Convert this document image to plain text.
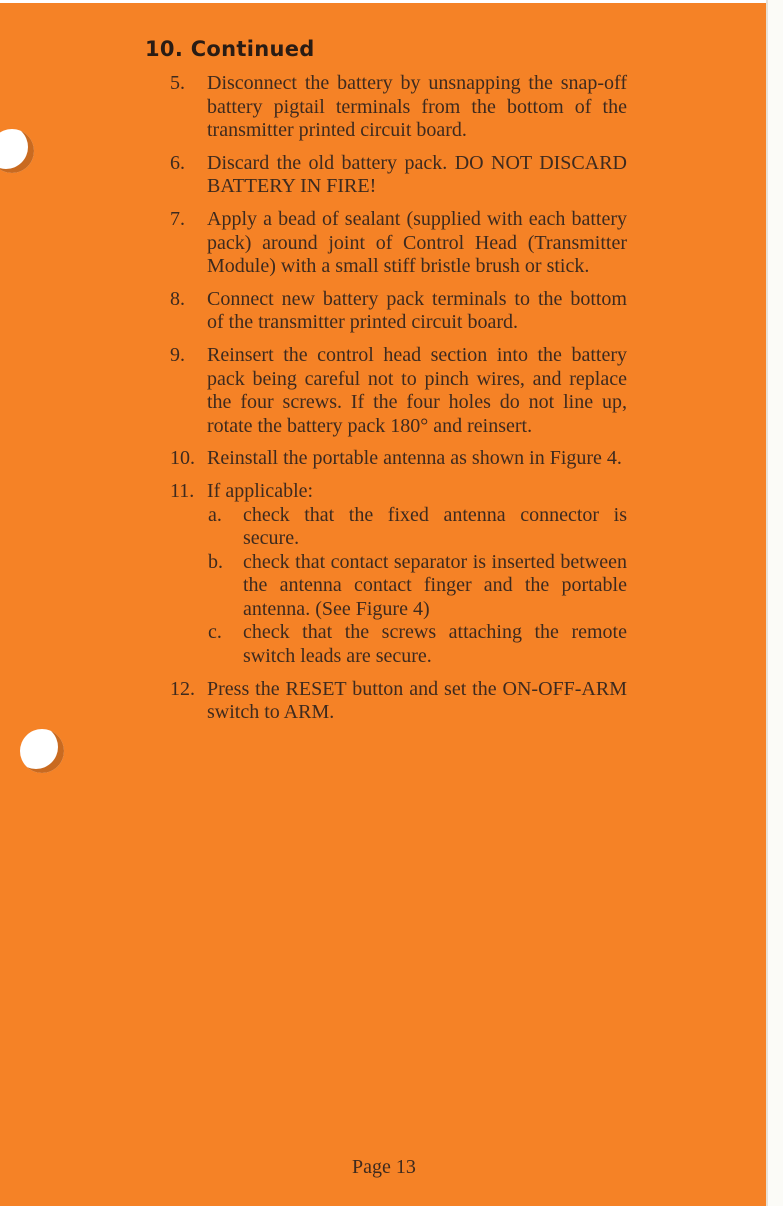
10. Continued
5.	Disconnect the battery by unsnapping the snap-off battery pigtail terminals from the bottom of the transmitter printed circuit board.
6.	Discard the old battery pack. DO NOT DISCARD BATTERY IN FIRE!
7.	Apply a bead of sealant (supplied with each battery pack) around joint of Control Head (Transmitter Module) with a small stiff bristle brush or stick.
8.	Connect new battery pack terminals to the bottom of the transmitter printed circuit board.
9.	Reinsert the control head section into the battery pack being careful not to pinch wires, and replace the four screws. If the four holes do not line up, rotate the battery pack 180° and reinsert.
10. Reinstall the portable antenna as shown in Figure 4.
11. If applicable:
a. check that the fixed antenna connector is secure.
b. check that contact separator is inserted between the antenna contact finger and the portable antenna. (See Figure 4)
c. check that the screws attaching the remote switch leads are secure.
12. Press the RESET button and set the ON-OFF-ARM switch to ARM.
Page 13
